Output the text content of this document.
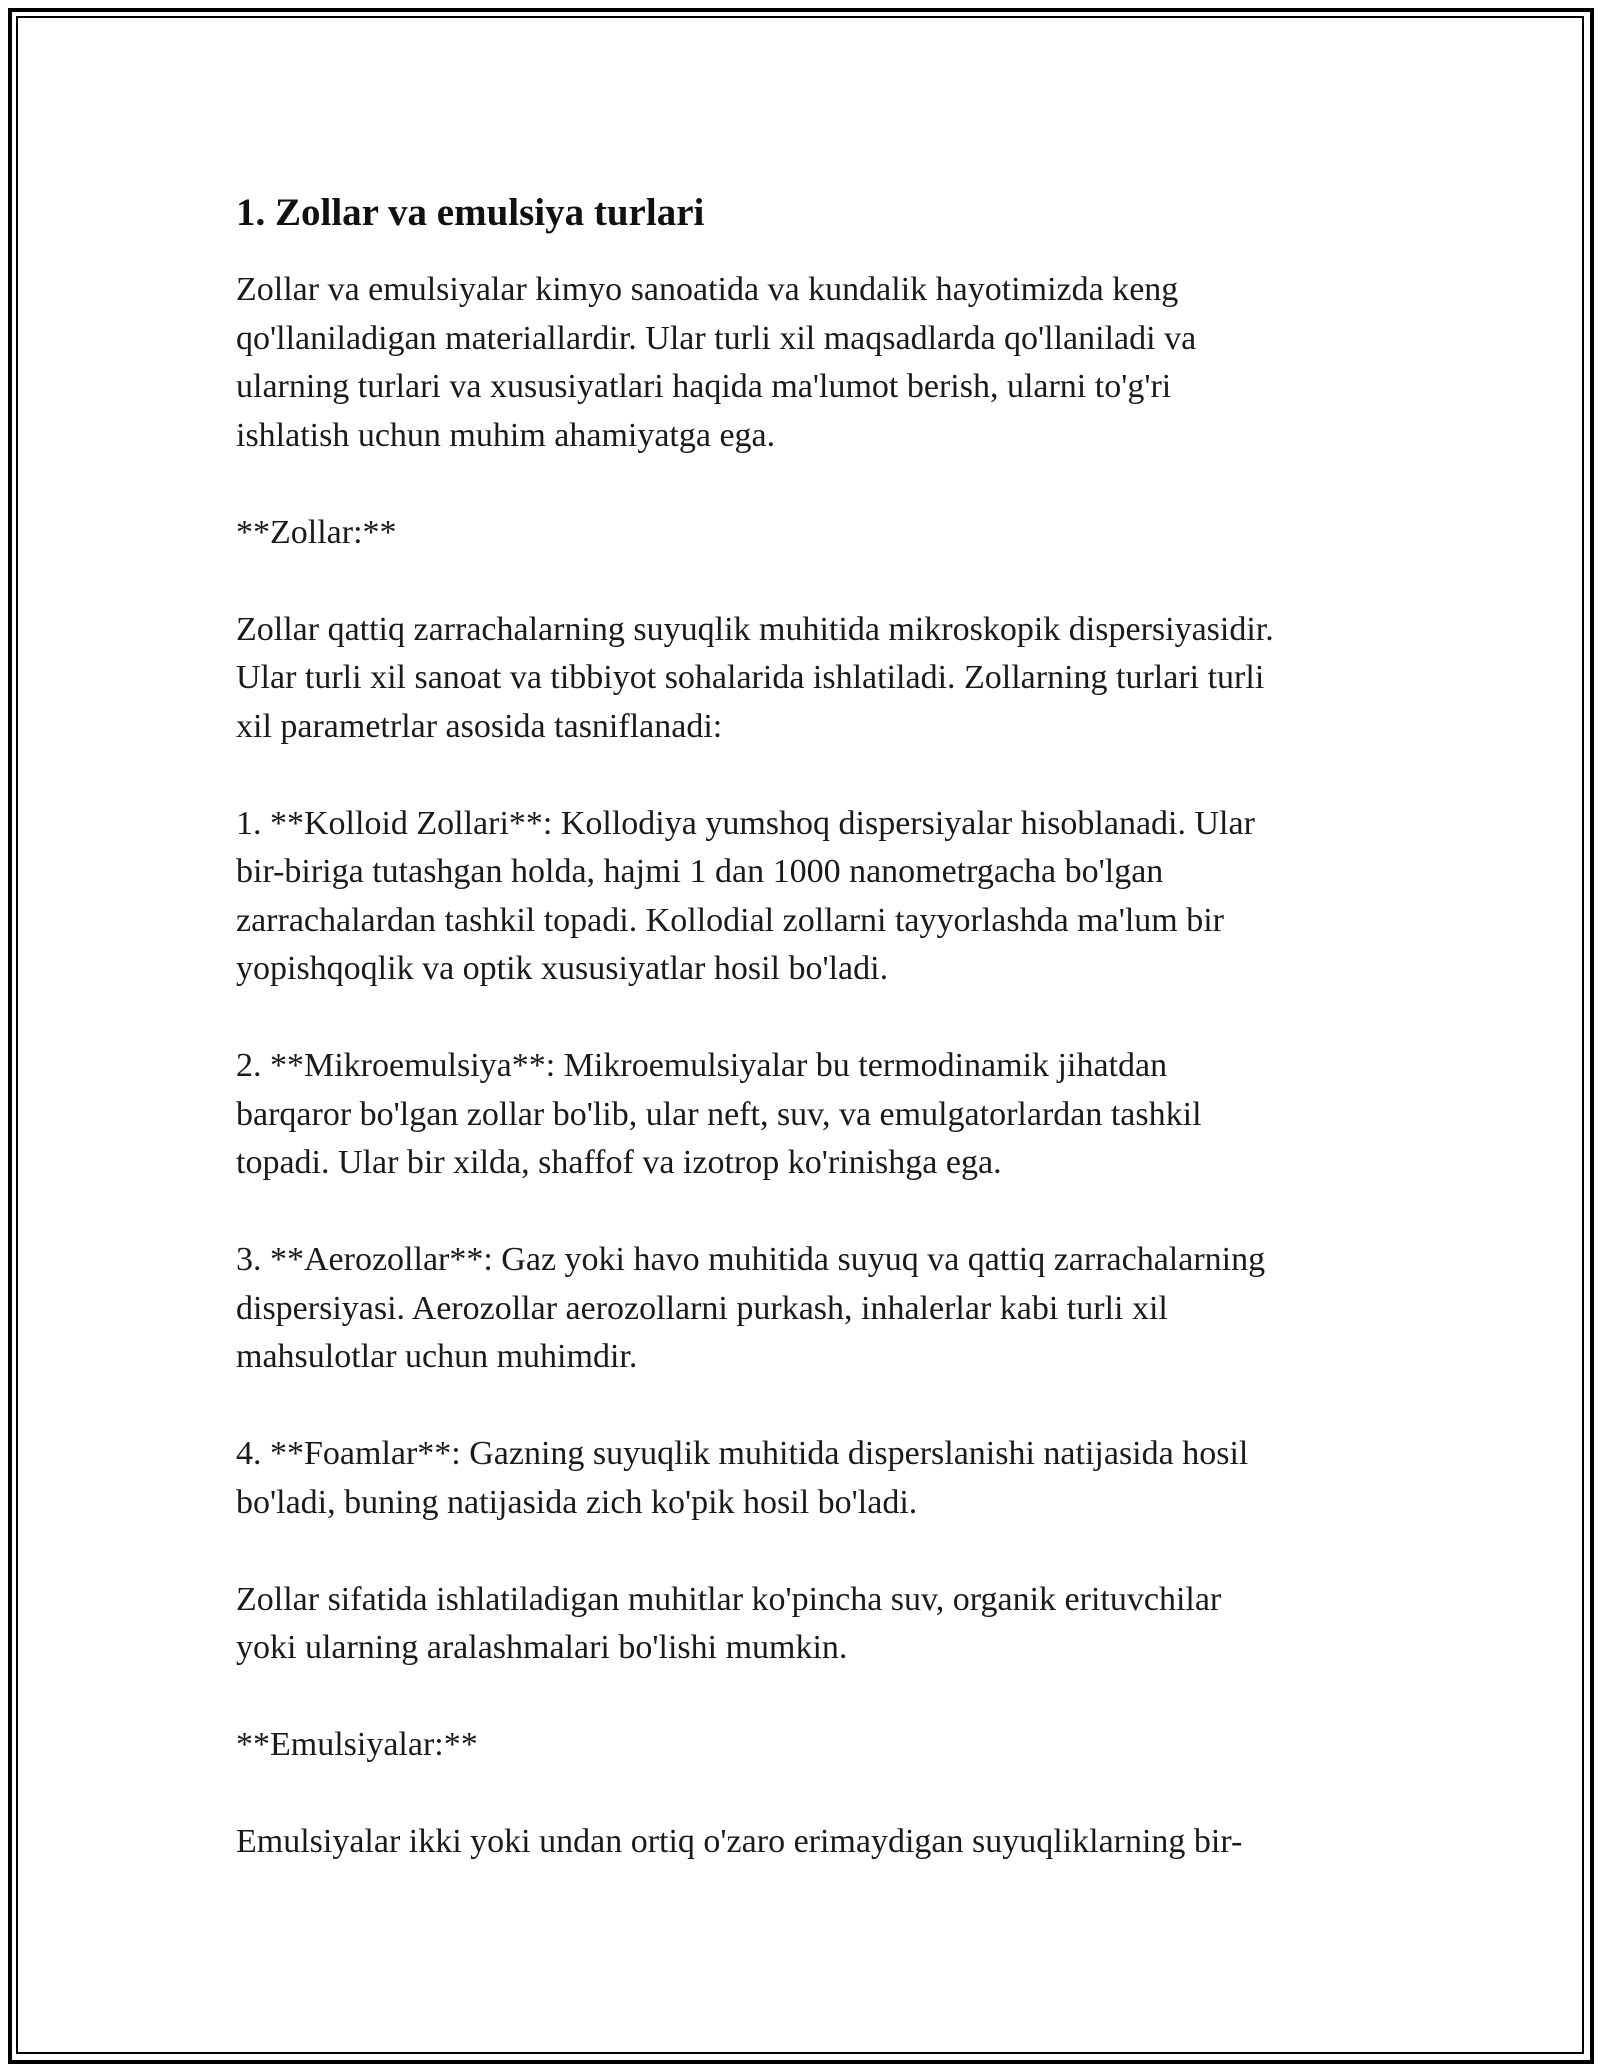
1. Zollar va emulsiya turlari

Zollar va emulsiyalar kimyo sanoatida va kundalik hayotimizda keng
qo'llaniladigan materiallardir. Ular turli xil maqsadlarda qo'llaniladi va
ularning turlari va xususiyatlari haqida ma'lumot berish, ularni to'g'ri
ishlatish uchun muhim ahamiyatga ega.

**Zollar:**

Zollar qattiq zarrachalarning suyuqlik muhitida mikroskopik dispersiyasidir.
Ular turli xil sanoat va tibbiyot sohalarida ishlatiladi. Zollarning turlari turli
xil parametrlar asosida tasniflanadi:

1. **Kolloid Zollari**: Kollodiya yumshoq dispersiyalar hisoblanadi. Ular
bir-biriga tutashgan holda, hajmi 1 dan 1000 nanometrgacha bo'lgan
zarrachalardan tashkil topadi. Kollodial zollarni tayyorlashda ma'lum bir
yopishqoqlik va optik xususiyatlar hosil bo'ladi.

2. **Mikroemulsiya**: Mikroemulsiyalar bu termodinamik jihatdan
barqaror bo'lgan zollar bo'lib, ular neft, suv, va emulgatorlardan tashkil
topadi. Ular bir xilda, shaffof va izotrop ko'rinishga ega.

3. **Aerozollar**: Gaz yoki havo muhitida suyuq va qattiq zarrachalarning
dispersiyasi. Aerozollar aerozollarni purkash, inhalerlar kabi turli xil
mahsulotlar uchun muhimdir.

4. **Foamlar**: Gazning suyuqlik muhitida disperslanishi natijasida hosil
bo'ladi, buning natijasida zich ko'pik hosil bo'ladi.

Zollar sifatida ishlatiladigan muhitlar ko'pincha suv, organik erituvchilar
yoki ularning aralashmalari bo'lishi mumkin.

**Emulsiyalar:**

Emulsiyalar ikki yoki undan ortiq o'zaro erimaydigan suyuqliklarning bir-
